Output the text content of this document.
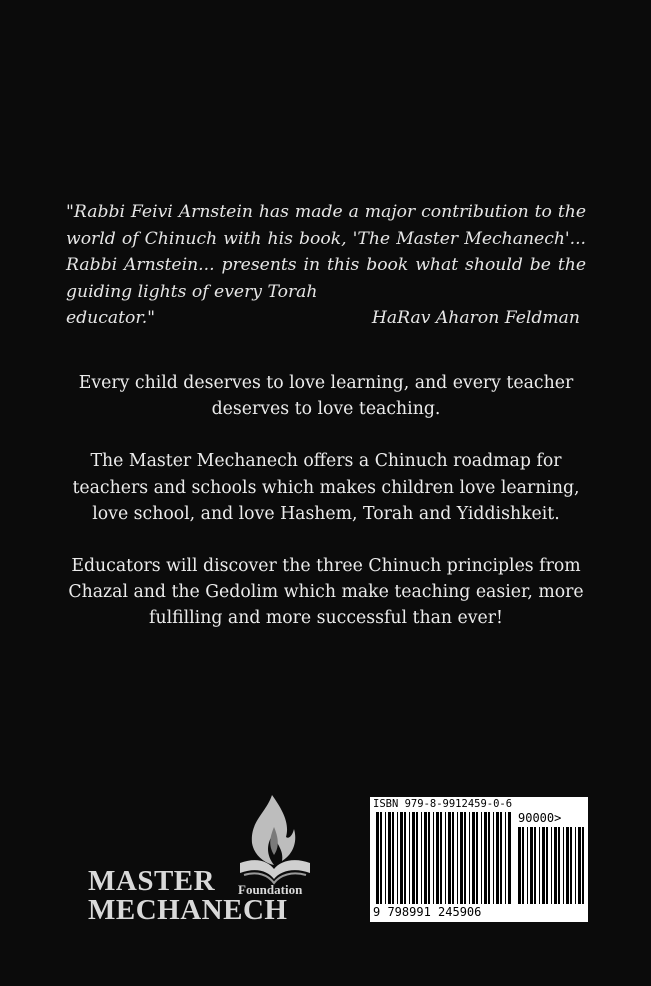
"Rabbi Feivi Arnstein has made a major contribution to the world of Chinuch with his book, 'The Master Mechanech'... Rabbi Arnstein... presents in this book what should be the guiding lights of every Torah
educator."	HaRav Aharon Feldman

Every child deserves to love learning, and every teacher deserves to love teaching.

The Master Mechanech offers a Chinuch roadmap for teachers and schools which makes children love learning, love school, and love Hashem, Torah and Yiddishkeit.

Educators will discover the three Chinuch principles from Chazal and the Gedolim which make teaching easier, more fulfilling and more successful than ever!

MASTER Foundation
MECHANECH
ISBN 979-8-9912459-0-6
90000>
9 798991 245906
